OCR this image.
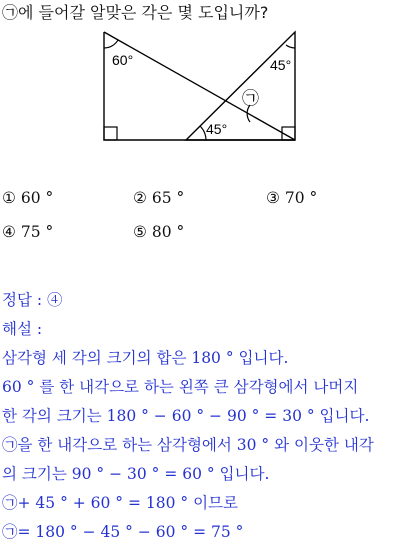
㉠에 들어갈 알맞은 각은 몇 도입니까?
60°	45°
45°
㉠
① 60 °	② 65 °	③ 70 °
④ 75 °	⑤ 80 °
정답 : ④
해설 :
삼각형 세 각의 크기의 합은 180 ° 입니다.
60 ° 를 한 내각으로 하는 왼쪽 큰 삼각형에서 나머지
한 각의 크기는 180 ° − 60 ° − 90 ° = 30 ° 입니다.
㉠을 한 내각으로 하는 삼각형에서 30 ° 와 이웃한 내각
의 크기는 90 ° − 30 ° = 60 ° 입니다.
㉠+ 45 ° + 60 ° = 180 ° 이므로
㉠= 180 ° − 45 ° − 60 ° = 75 °
